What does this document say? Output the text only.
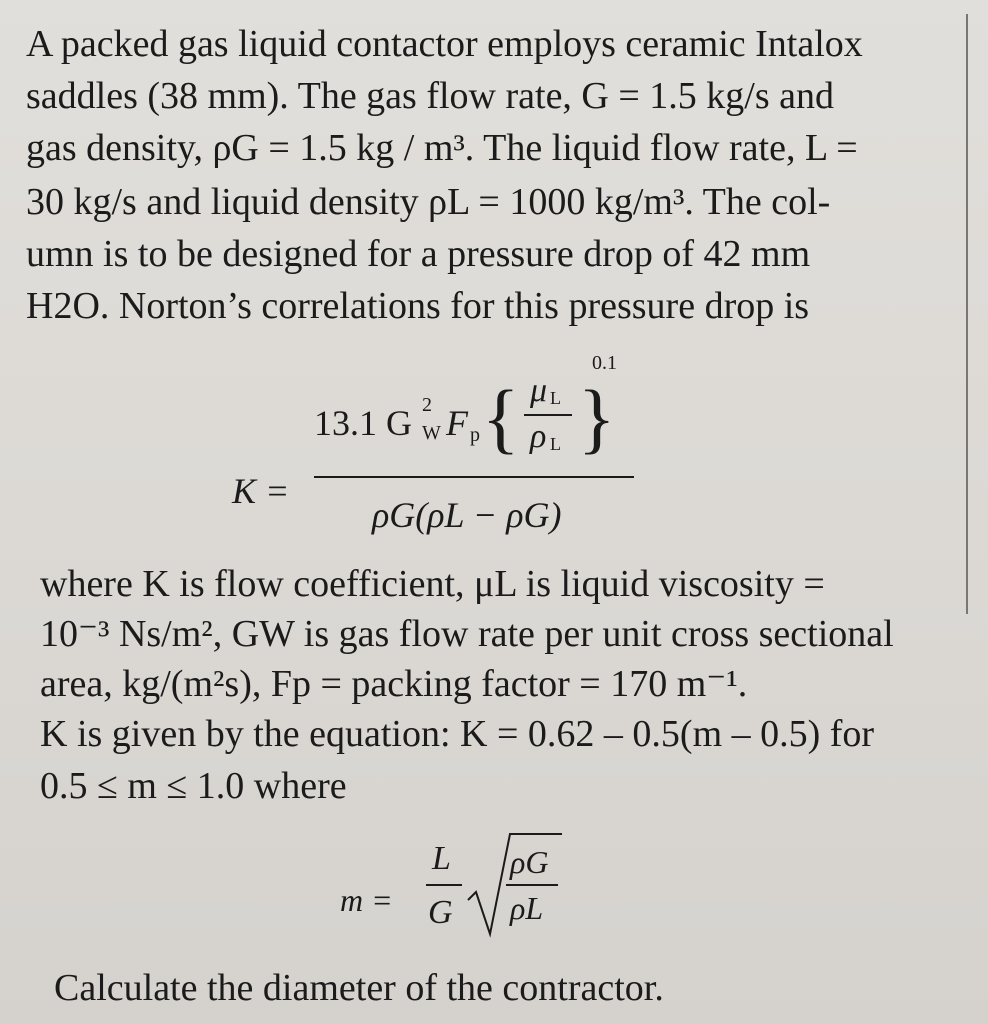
A packed gas liquid contactor employs ceramic Intalox
saddles (38 mm). The gas flow rate, G = 1.5 kg/s and
gas density, ρG = 1.5 kg / m³. The liquid flow rate, L =
30 kg/s and liquid density ρL = 1000 kg/m³. The col-
umn is to be designed for a pressure drop of 42 mm
H2O. Norton’s correlations for this pressure drop is
K =
13.1 G 2
W F p { μ L
ρ L }
0.1
ρG(ρL − ρG)
where K is flow coefficient, μL is liquid viscosity =
10⁻³ Ns/m², GW is gas flow rate per unit cross sectional
area, kg/(m²s), Fp = packing factor = 170 m⁻¹.
K is given by the equation: K = 0.62 – 0.5(m – 0.5) for
0.5 ≤ m ≤ 1.0 where
m =
L
G
ρG
ρL
Calculate the diameter of the contractor.
